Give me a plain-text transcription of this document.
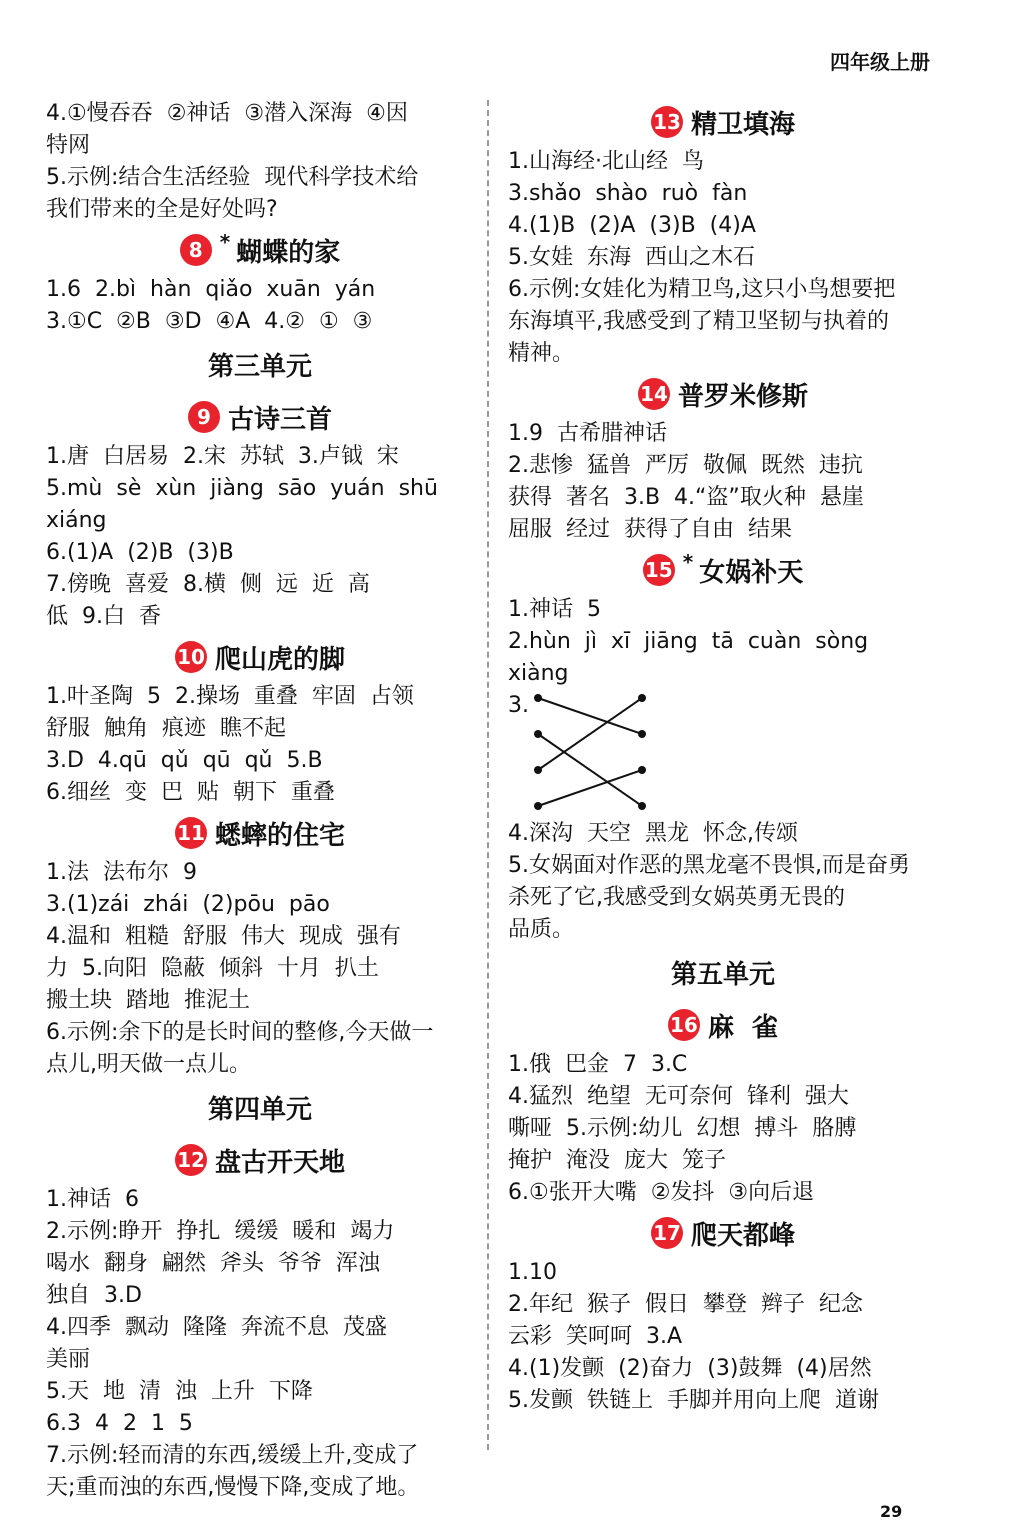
四年级上册
4.①慢吞吞  ②神话  ③潜入深海  ④因
特网
5.示例:结合生活经验  现代科学技术给
我们带来的全是好处吗?
8 * 蝴蝶的家
1.6  2.bì  hàn  qiǎo  xuān  yán
3.①C  ②B  ③D  ④A  4.②  ①  ③
第三单元
9 古诗三首
1.唐  白居易  2.宋  苏轼  3.卢钺  宋
5.mù  sè  xùn  jiàng  sāo  yuán  shū
xiáng
6.(1)A  (2)B  (3)B
7.傍晚  喜爱  8.横  侧  远  近  高
低  9.白  香
10 爬山虎的脚
1.叶圣陶  5  2.操场  重叠  牢固  占领
舒服  触角  痕迹  瞧不起
3.D  4.qū  qǔ  qū  qǔ  5.B
6.细丝  变  巴  贴  朝下  重叠
11 蟋蟀的住宅
1.法  法布尔  9
3.(1)zái  zhái  (2)pōu  pāo
4.温和  粗糙  舒服  伟大  现成  强有
力  5.向阳  隐蔽  倾斜  十月  扒土
搬土块  踏地  推泥土
6.示例:余下的是长时间的整修,今天做一
点儿,明天做一点儿。
第四单元
12 盘古开天地
1.神话  6
2.示例:睁开  挣扎  缓缓  暖和  竭力
喝水  翻身  翩然  斧头  爷爷  浑浊
独自  3.D
4.四季  飘动  隆隆  奔流不息  茂盛
美丽
5.天  地  清  浊  上升  下降
6.3  4  2  1  5
7.示例:轻而清的东西,缓缓上升,变成了
天;重而浊的东西,慢慢下降,变成了地。
13 精卫填海
1.山海经·北山经  鸟
3.shǎo  shào  ruò  fàn
4.(1)B  (2)A  (3)B  (4)A
5.女娃  东海  西山之木石
6.示例:女娃化为精卫鸟,这只小鸟想要把
东海填平,我感受到了精卫坚韧与执着的
精神。
14 普罗米修斯
1.9  古希腊神话
2.悲惨  猛兽  严厉  敬佩  既然  违抗
获得  著名  3.B  4.“盗”取火种  悬崖
屈服  经过  获得了自由  结果
15 * 女娲补天
1.神话  5
2.hùn  jì  xī  jiāng  tā  cuàn  sòng
xiàng
3.
4.深沟  天空  黑龙  怀念,传颂
5.女娲面对作恶的黑龙毫不畏惧,而是奋勇
杀死了它,我感受到女娲英勇无畏的
品质。
第五单元
16 麻  雀
1.俄  巴金  7  3.C
4.猛烈  绝望  无可奈何  锋利  强大
嘶哑  5.示例:幼儿  幻想  搏斗  胳膊
掩护  淹没  庞大  笼子
6.①张开大嘴  ②发抖  ③向后退
17 爬天都峰
1.10
2.年纪  猴子  假日  攀登  辫子  纪念
云彩  笑呵呵  3.A
4.(1)发颤  (2)奋力  (3)鼓舞  (4)居然
5.发颤  铁链上  手脚并用向上爬  道谢
29
